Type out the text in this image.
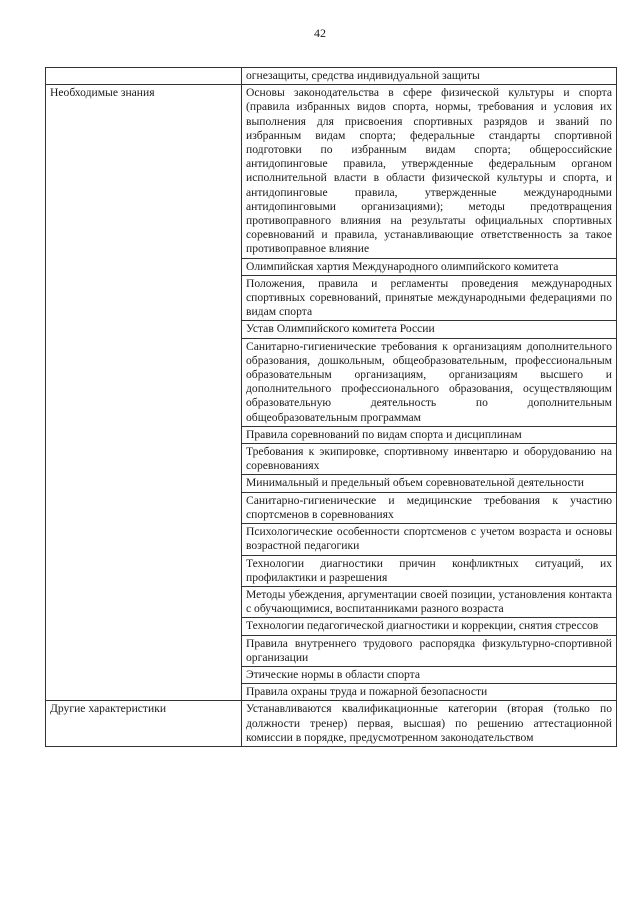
42

	огнезащиты, средства индивидуальной защиты

Необходимые знания	Основы законодательства в сфере физической культуры и спорта (правила избранных видов спорта, нормы, требования и условия их выполнения для присвоения спортивных разрядов и званий по избранным видам спорта; федеральные стандарты спортивной подготовки по избранным видам спорта; общероссийские антидопинговые правила, утвержденные федеральным органом исполнительной власти в области физической культуры и спорта, и антидопинговые правила, утвержденные международными антидопинговыми организациями); методы предотвращения противоправного влияния на результаты официальных спортивных соревнований и правила, устанавливающие ответственность за такое противоправное влияние

	Олимпийская хартия Международного олимпийского комитета

	Положения, правила и регламенты проведения международных спортивных соревнований, принятые международными федерациями по видам спорта

	Устав Олимпийского комитета России

	Санитарно-гигиенические требования к организациям дополнительного образования, дошкольным, общеобразовательным, профессиональным образовательным организациям, организациям высшего и дополнительного профессионального образования, осуществляющим образовательную деятельность по дополнительным общеобразовательным программам

	Правила соревнований по видам спорта и дисциплинам

	Требования к экипировке, спортивному инвентарю и оборудованию на соревнованиях

	Минимальный и предельный объем соревновательной деятельности

	Санитарно-гигиенические и медицинские требования к участию спортсменов в соревнованиях

	Психологические особенности спортсменов с учетом возраста и основы возрастной педагогики

	Технологии диагностики причин конфликтных ситуаций, их профилактики и разрешения

	Методы убеждения, аргументации своей позиции, установления контакта с обучающимися, воспитанниками разного возраста

	Технологии педагогической диагностики и коррекции, снятия стрессов

	Правила внутреннего трудового распорядка физкультурно-спортивной организации

	Этические нормы в области спорта

	Правила охраны труда и пожарной безопасности

Другие характеристики	Устанавливаются квалификационные категории (вторая (только по должности тренер) первая, высшая) по решению аттестационной комиссии в порядке, предусмотренном законодательством
